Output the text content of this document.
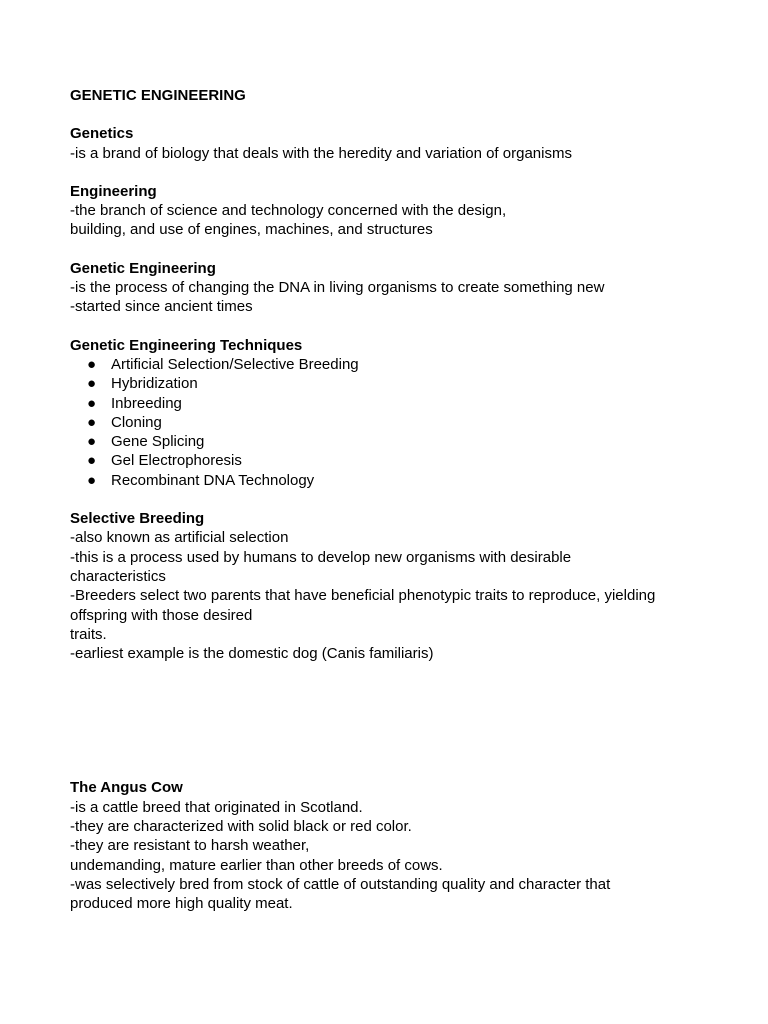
GENETIC ENGINEERING
Genetics
-is a brand of biology that deals with the heredity and variation of organisms
Engineering
-the branch of science and technology concerned with the design,
building, and use of engines, machines, and structures
Genetic Engineering
-is the process of changing the DNA in living organisms to create something new
-started since ancient times
Genetic Engineering Techniques
● Artificial Selection/Selective Breeding
● Hybridization
● Inbreeding
● Cloning
● Gene Splicing
● Gel Electrophoresis
● Recombinant DNA Technology
Selective Breeding
-also known as artificial selection
-this is a process used by humans to develop new organisms with desirable
characteristics
-Breeders select two parents that have beneficial phenotypic traits to reproduce, yielding
offspring with those desired
traits.
-earliest example is the domestic dog (Canis familiaris)
The Angus Cow
-is a cattle breed that originated in Scotland.
-they are characterized with solid black or red color.
-they are resistant to harsh weather,
undemanding, mature earlier than other breeds of cows.
-was selectively bred from stock of cattle of outstanding quality and character that
produced more high quality meat.
